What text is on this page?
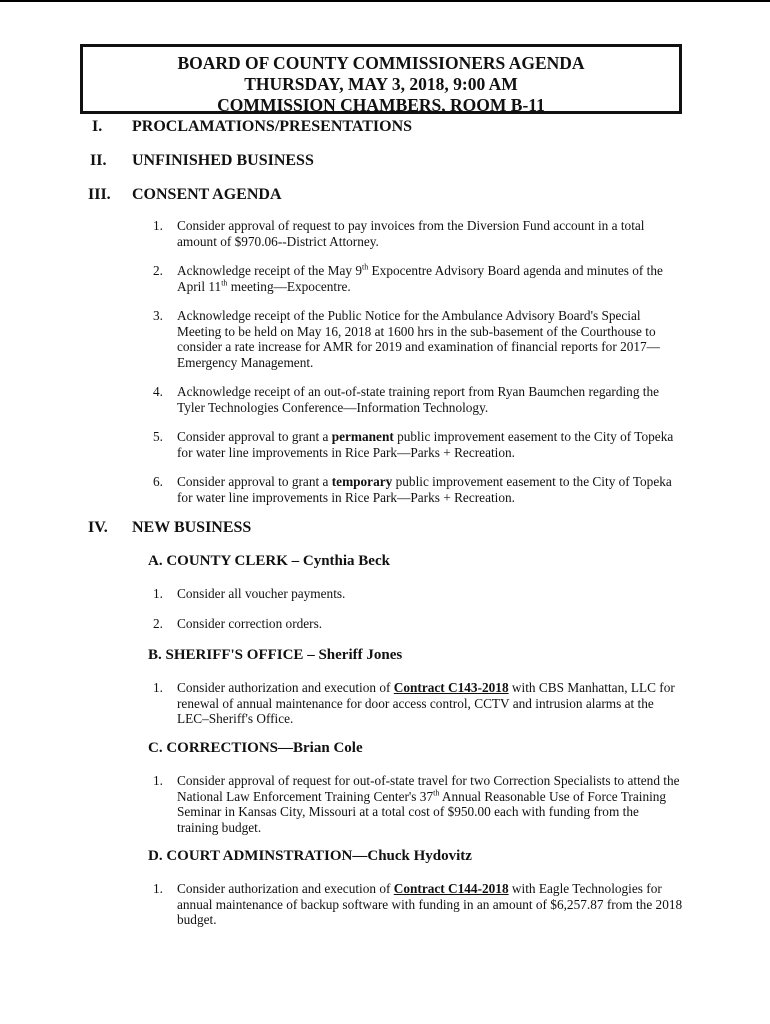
BOARD OF COUNTY COMMISSIONERS AGENDA
THURSDAY, MAY 3, 2018, 9:00 AM
COMMISSION CHAMBERS, ROOM B-11
I. PROCLAMATIONS/PRESENTATIONS
II. UNFINISHED BUSINESS
III. CONSENT AGENDA
1. Consider approval of request to pay invoices from the Diversion Fund account in a total amount of $970.06--District Attorney.
2. Acknowledge receipt of the May 9th Expocentre Advisory Board agenda and minutes of the April 11th meeting—Expocentre.
3. Acknowledge receipt of the Public Notice for the Ambulance Advisory Board's Special Meeting to be held on May 16, 2018 at 1600 hrs in the sub-basement of the Courthouse to consider a rate increase for AMR for 2019 and examination of financial reports for 2017—Emergency Management.
4. Acknowledge receipt of an out-of-state training report from Ryan Baumchen regarding the Tyler Technologies Conference—Information Technology.
5. Consider approval to grant a permanent public improvement easement to the City of Topeka for water line improvements in Rice Park—Parks + Recreation.
6. Consider approval to grant a temporary public improvement easement to the City of Topeka for water line improvements in Rice Park—Parks + Recreation.
IV. NEW BUSINESS
A. COUNTY CLERK – Cynthia Beck
1. Consider all voucher payments.
2. Consider correction orders.
B. SHERIFF'S OFFICE – Sheriff Jones
1. Consider authorization and execution of Contract C143-2018 with CBS Manhattan, LLC for renewal of annual maintenance for door access control, CCTV and intrusion alarms at the LEC–Sheriff's Office.
C. CORRECTIONS—Brian Cole
1. Consider approval of request for out-of-state travel for two Correction Specialists to attend the National Law Enforcement Training Center's 37th Annual Reasonable Use of Force Training Seminar in Kansas City, Missouri at a total cost of $950.00 each with funding from the training budget.
D. COURT ADMINSTRATION—Chuck Hydovitz
1. Consider authorization and execution of Contract C144-2018 with Eagle Technologies for annual maintenance of backup software with funding in an amount of $6,257.87 from the 2018 budget.
